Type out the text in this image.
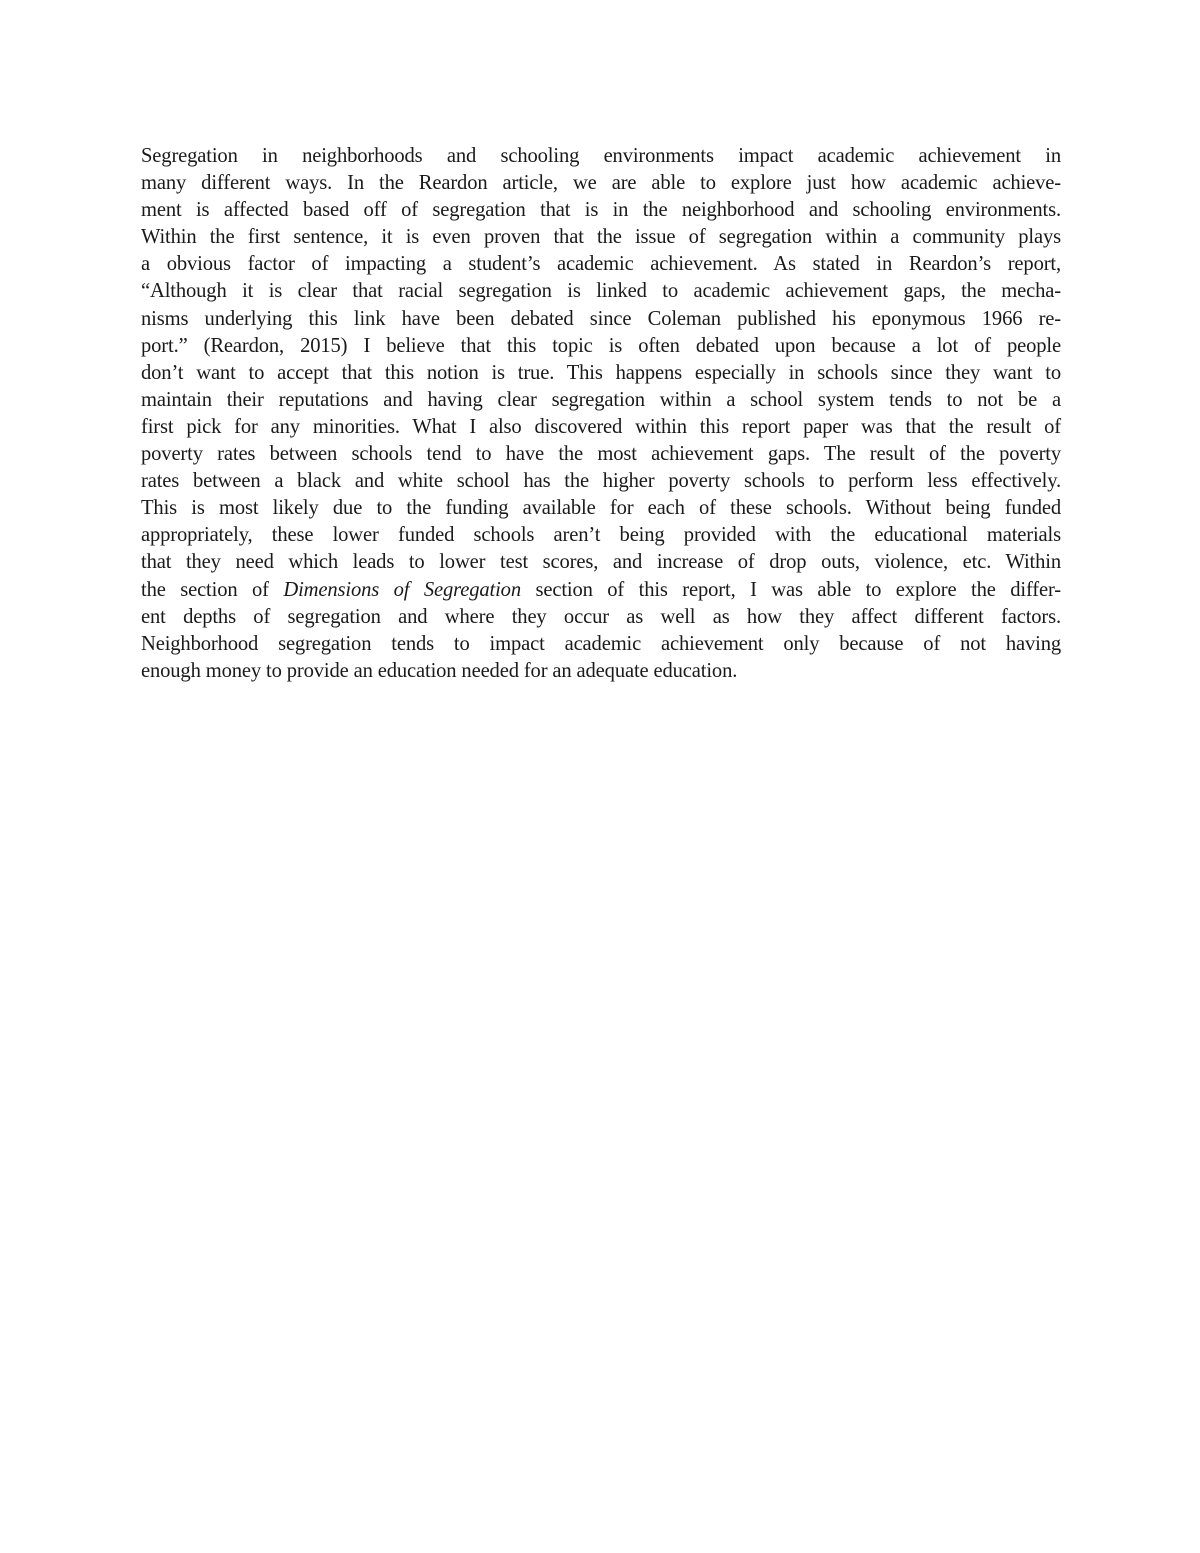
Segregation in neighborhoods and schooling environments impact academic achievement in
many different ways. In the Reardon article, we are able to explore just how academic achieve-
ment is affected based off of segregation that is in the neighborhood and schooling environments.
Within the first sentence, it is even proven that the issue of segregation within a community plays
a obvious factor of impacting a student’s academic achievement. As stated in Reardon’s report,
“Although it is clear that racial segregation is linked to academic achievement gaps, the mecha-
nisms underlying this link have been debated since Coleman published his eponymous 1966 re-
port.” (Reardon, 2015) I believe that this topic is often debated upon because a lot of people
don’t want to accept that this notion is true. This happens especially in schools since they want to
maintain their reputations and having clear segregation within a school system tends to not be a
first pick for any minorities. What I also discovered within this report paper was that the result of
poverty rates between schools tend to have the most achievement gaps. The result of the poverty
rates between a black and white school has the higher poverty schools to perform less effectively.
This is most likely due to the funding available for each of these schools. Without being funded
appropriately, these lower funded schools aren’t being provided with the educational materials
that they need which leads to lower test scores, and increase of drop outs, violence, etc. Within
the section of Dimensions of Segregation section of this report, I was able to explore the differ-
ent depths of segregation and where they occur as well as how they affect different factors.
Neighborhood segregation tends to impact academic achievement only because of not having
enough money to provide an education needed for an adequate education.
